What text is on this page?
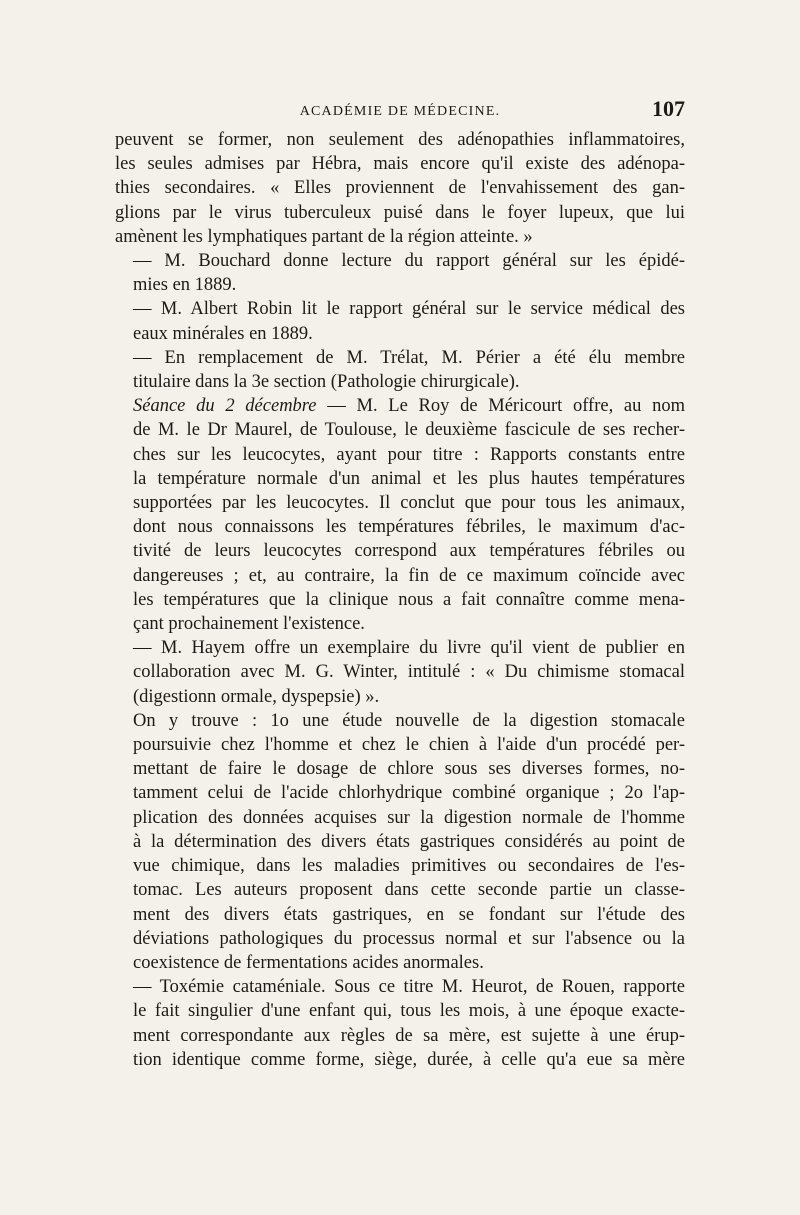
ACADÉMIE DE MÉDECINE.	107

peuvent se former, non seulement des adénopathies inflammatoires,
les seules admises par Hébra, mais encore qu'il existe des adénopa-
thies secondaires. « Elles proviennent de l'envahissement des gan-
glions par le virus tuberculeux puisé dans le foyer lupeux, que lui
amènent les lymphatiques partant de la région atteinte. »

— M. Bouchard donne lecture du rapport général sur les épidé-
mies en 1889.

— M. Albert Robin lit le rapport général sur le service médical des
eaux minérales en 1889.

— En remplacement de M. Trélat, M. Périer a été élu membre
titulaire dans la 3e section (Pathologie chirurgicale).

Séance du 2 décembre — M. Le Roy de Méricourt offre, au nom
de M. le Dr Maurel, de Toulouse, le deuxième fascicule de ses recher-
ches sur les leucocytes, ayant pour titre : Rapports constants entre
la température normale d'un animal et les plus hautes températures
supportées par les leucocytes. Il conclut que pour tous les animaux,
dont nous connaissons les températures fébriles, le maximum d'ac-
tivité de leurs leucocytes correspond aux températures fébriles ou
dangereuses ; et, au contraire, la fin de ce maximum coïncide avec
les températures que la clinique nous a fait connaître comme mena-
çant prochainement l'existence.

— M. Hayem offre un exemplaire du livre qu'il vient de publier en
collaboration avec M. G. Winter, intitulé : « Du chimisme stomacal
(digestionn ormale, dyspepsie) ».

On y trouve : 1o une étude nouvelle de la digestion stomacale
poursuivie chez l'homme et chez le chien à l'aide d'un procédé per-
mettant de faire le dosage de chlore sous ses diverses formes, no-
tamment celui de l'acide chlorhydrique combiné organique ; 2o l'ap-
plication des données acquises sur la digestion normale de l'homme
à la détermination des divers états gastriques considérés au point de
vue chimique, dans les maladies primitives ou secondaires de l'es-
tomac. Les auteurs proposent dans cette seconde partie un classe-
ment des divers états gastriques, en se fondant sur l'étude des
déviations pathologiques du processus normal et sur l'absence ou la
coexistence de fermentations acides anormales.

— Toxémie cataméniale. Sous ce titre M. Heurot, de Rouen, rapporte
le fait singulier d'une enfant qui, tous les mois, à une époque exacte-
ment correspondante aux règles de sa mère, est sujette à une érup-
tion identique comme forme, siège, durée, à celle qu'a eue sa mère
